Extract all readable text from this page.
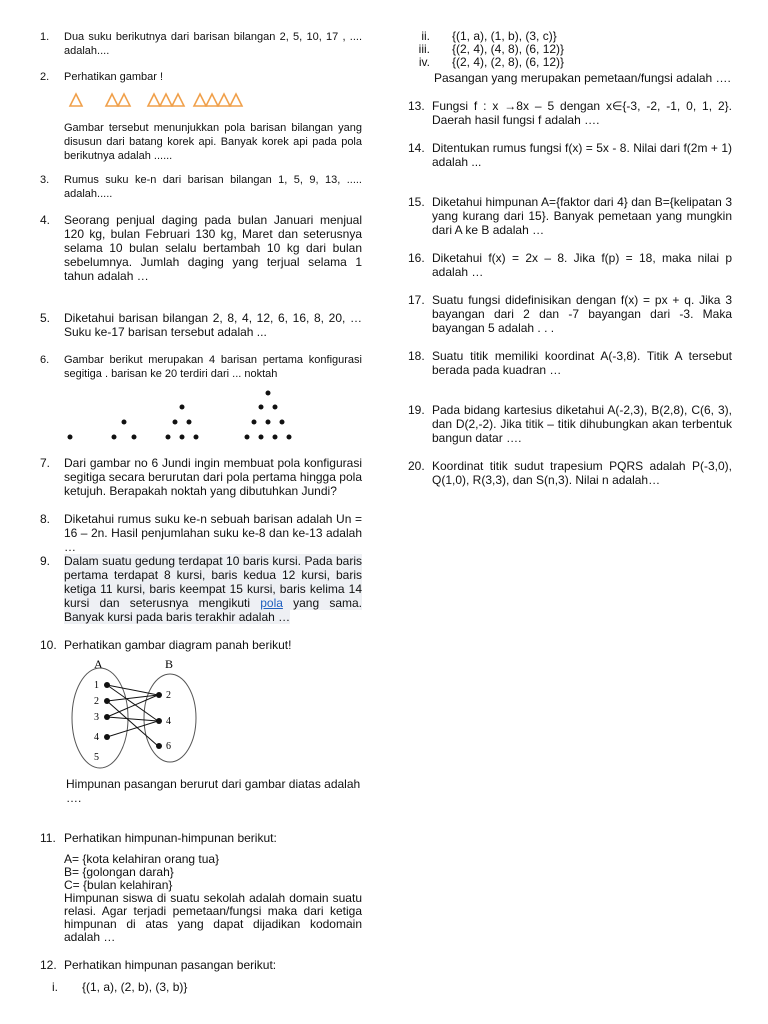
1. Dua suku berikutnya dari barisan bilangan 2, 5, 10, 17 , .... adalah....
2. Perhatikan gambar !
Gambar tersebut menunjukkan pola barisan bilangan yang disusun dari batang korek api. Banyak korek api pada pola berikutnya adalah ......
3. Rumus suku ke-n dari barisan bilangan 1, 5, 9, 13, ..... adalah.....
4. Seorang penjual daging pada bulan Januari menjual 120 kg, bulan Februari 130 kg, Maret dan seterusnya selama 10 bulan selalu bertambah 10 kg dari bulan sebelumnya. Jumlah daging yang terjual selama 1 tahun adalah …
5. Diketahui barisan bilangan 2, 8, 4, 12, 6, 16, 8, 20, … Suku ke-17 barisan tersebut adalah ...
6. Gambar berikut merupakan 4 barisan pertama konfigurasi segitiga . barisan ke 20 terdiri dari ... noktah
7. Dari gambar no 6 Jundi ingin membuat pola konfigurasi segitiga secara berurutan dari pola pertama hingga pola ketujuh. Berapakah noktah yang dibutuhkan Jundi?
8. Diketahui rumus suku ke-n sebuah barisan adalah Un = 16 – 2n. Hasil penjumlahan suku ke-8 dan ke-13 adalah …
9. Dalam suatu gedung terdapat 10 baris kursi. Pada baris pertama terdapat 8 kursi, baris kedua 12 kursi, baris ketiga 11 kursi, baris keempat 15 kursi, baris kelima 14 kursi dan seterusnya mengikuti pola yang sama. Banyak kursi pada baris terakhir adalah …
10. Perhatikan gambar diagram panah berikut!
A	B
1
2
3
4
5
2
4
6
Himpunan pasangan berurut dari gambar diatas adalah ….
11. Perhatikan himpunan-himpunan berikut:
A= {kota kelahiran orang tua}
B= {golongan darah}
C= {bulan kelahiran}
Himpunan siswa di suatu sekolah adalah domain suatu relasi. Agar terjadi pemetaan/fungsi maka dari ketiga himpunan di atas yang dapat dijadikan kodomain adalah …
12. Perhatikan himpunan pasangan berikut:
i. {(1, a), (2, b), (3, b)}
ii. {(1, a), (1, b), (3, c)}
iii. {(2, 4), (4, 8), (6, 12)}
iv. {(2, 4), (2, 8), (6, 12)}
Pasangan yang merupakan pemetaan/fungsi adalah ….
13. Fungsi f : x →8x – 5 dengan x∈{-3, -2, -1, 0, 1, 2}. Daerah hasil fungsi f adalah ….
14. Ditentukan rumus fungsi f(x) = 5x - 8. Nilai dari f(2m + 1) adalah ...
15. Diketahui himpunan A={faktor dari 4} dan B={kelipatan 3 yang kurang dari 15}. Banyak pemetaan yang mungkin dari A ke B adalah …
16. Diketahui f(x) = 2x – 8. Jika f(p) = 18, maka nilai p adalah …
17. Suatu fungsi didefinisikan dengan f(x) = px + q. Jika 3 bayangan dari 2 dan -7 bayangan dari -3. Maka bayangan 5 adalah . . .
18. Suatu titik memiliki koordinat A(-3,8). Titik A tersebut berada pada kuadran …
19. Pada bidang kartesius diketahui A(-2,3), B(2,8), C(6, 3), dan D(2,-2). Jika titik – titik dihubungkan akan terbentuk bangun datar ….
20. Koordinat titik sudut trapesium PQRS adalah P(-3,0), Q(1,0), R(3,3), dan S(n,3). Nilai n adalah…
